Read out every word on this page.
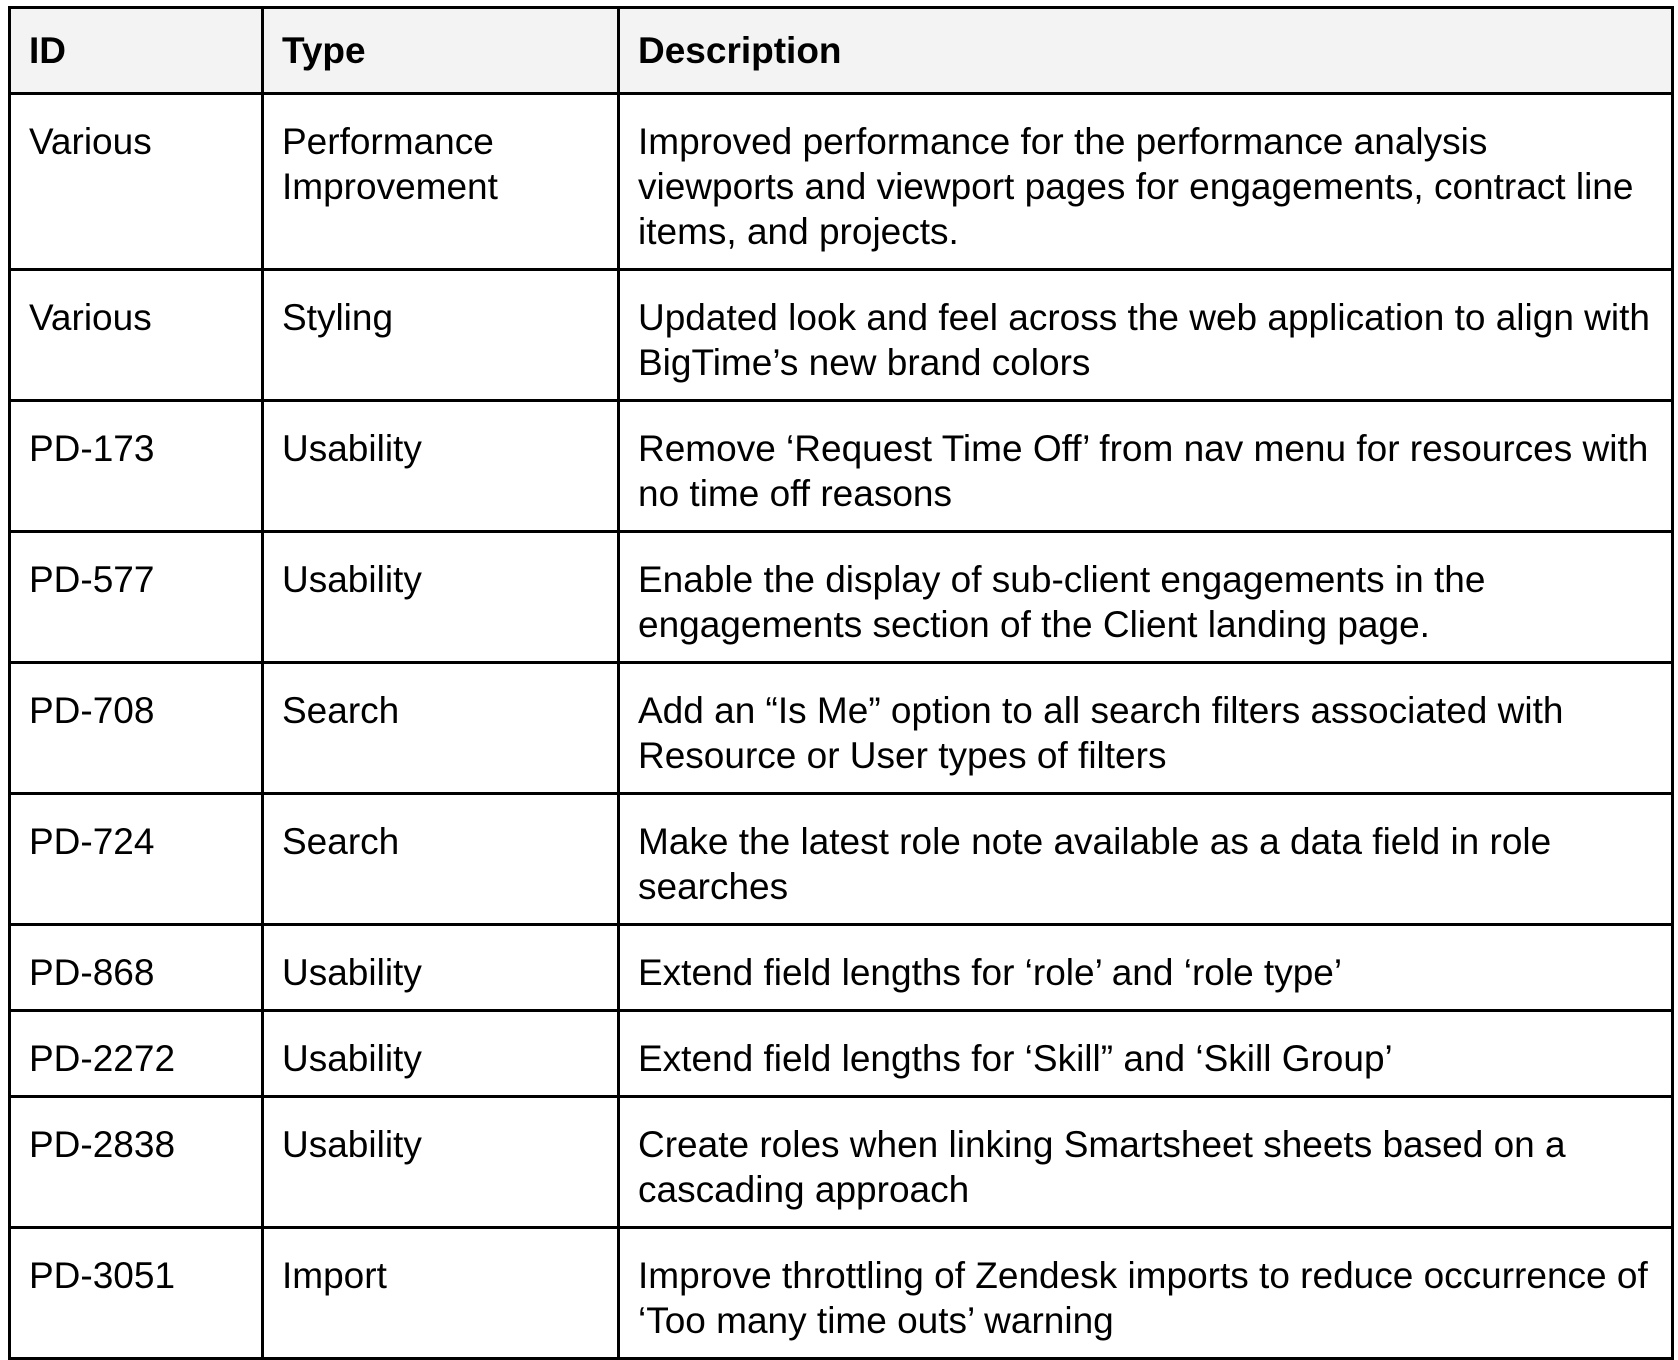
ID	Type	Description
Various	Performance Improvement	Improved performance for the performance analysis viewports and viewport pages for engagements, contract line items, and projects.
Various	Styling	Updated look and feel across the web application to align with BigTime’s new brand colors
PD-173	Usability	Remove ‘Request Time Off’ from nav menu for resources with no time off reasons
PD-577	Usability	Enable the display of sub-client engagements in the engagements section of the Client landing page.
PD-708	Search	Add an “Is Me” option to all search filters associated with Resource or User types of filters
PD-724	Search	Make the latest role note available as a data field in role searches
PD-868	Usability	Extend field lengths for ‘role’ and ‘role type’
PD-2272	Usability	Extend field lengths for ‘Skill” and ‘Skill Group’
PD-2838	Usability	Create roles when linking Smartsheet sheets based on a cascading approach
PD-3051	Import	Improve throttling of Zendesk imports to reduce occurrence of ‘Too many time outs’ warning
